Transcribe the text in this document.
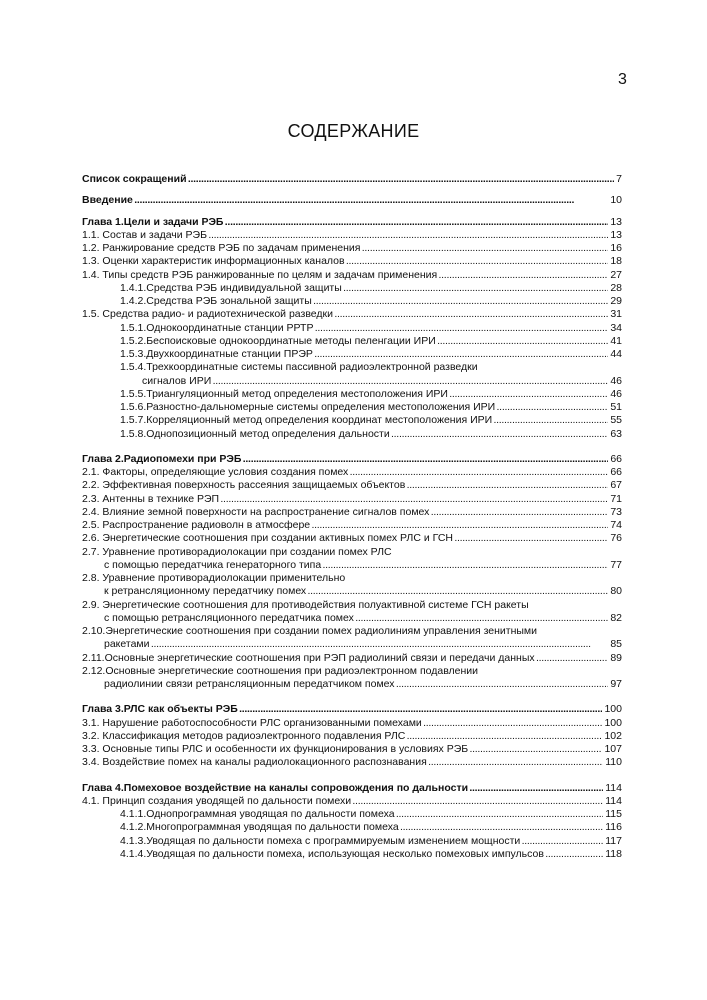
3
СОДЕРЖАНИЕ
Список сокращений . . .	7
Введение . . .	10
Глава 1.Цели и задачи РЭБ . . .	13
1.1. Состав и задачи РЭБ . . .	13
1.2. Ранжирование средств РЭБ по задачам применения . . .	16
1.3. Оценки характеристик информационных каналов . . .	18
1.4. Типы средств РЭБ ранжированные по целям и задачам применения . . .	27
1.4.1.Средства РЭБ индивидуальной защиты . . .	28
1.4.2.Средства РЭБ зональной защиты . . .	29
1.5. Средства радио- и радиотехнической разведки . . .	31
1.5.1.Однокоординатные станции РРТР . . .	34
1.5.2.Беспоисковые однокоординатные методы пеленгации ИРИ . . .	41
1.5.3.Двухкоординатные станции ПРЭР . . .	44
1.5.4.Трехкоординатные системы пассивной радиоэлектронной разведки
сигналов ИРИ . . .	46
1.5.5.Триангуляционный метод определения местоположения ИРИ . . .	46
1.5.6.Разностно-дальномерные системы определения местоположения ИРИ . . .	51
1.5.7.Корреляционный метод определения координат местоположения ИРИ . . .	55
1.5.8.Однопозиционный метод определения дальности . . .	63
Глава 2.Радиопомехи при РЭБ . . .	66
2.1. Факторы, определяющие условия создания помех . . .	66
2.2. Эффективная поверхность рассеяния защищаемых объектов . . .	67
2.3. Антенны в технике РЭП . . .	71
2.4. Влияние земной поверхности на распространение сигналов помех . . .	73
2.5. Распространение радиоволн в атмосфере . . .	74
2.6. Энергетические соотношения при создании активных помех РЛС и ГСН . . .	76
2.7. Уравнение противорадиолокации при создании помех РЛС
с помощью передатчика генераторного типа . . .	77
2.8. Уравнение противорадиолокации применительно
к ретрансляционному передатчику помех . . .	80
2.9. Энергетические соотношения для противодействия полуактивной системе ГСН ракеты
с помощью ретрансляционного передатчика помех . . .	82
2.10.Энергетические соотношения при создании помех радиолиниям управления зенитными
ракетами . . .	85
2.11.Основные энергетические соотношения при РЭП радиолиний связи и передачи данных . . .	89
2.12.Основные энергетические соотношения при радиоэлектронном подавлении
радиолинии связи ретрансляционным передатчиком помех . . .	97
Глава 3.РЛС как объекты РЭБ . . .	100
3.1. Нарушение работоспособности РЛС организованными помехами . . .	100
3.2. Классификация методов радиоэлектронного подавления РЛС . . .	102
3.3. Основные типы РЛС и особенности их функционирования в условиях РЭБ . . .	107
3.4. Воздействие помех на каналы радиолокационного распознавания . . .	110
Глава 4.Помеховое воздействие на каналы сопровождения по дальности . . .	114
4.1. Принцип создания уводящей по дальности помехи . . .	114
4.1.1.Однопрограммная уводящая по дальности помеха . . .	115
4.1.2.Многопрограммная уводящая по дальности помеха . . .	116
4.1.3.Уводящая по дальности помеха с программируемым изменением мощности . . .	117
4.1.4.Уводящая по дальности помеха, использующая несколько помеховых импульсов . . .	118
